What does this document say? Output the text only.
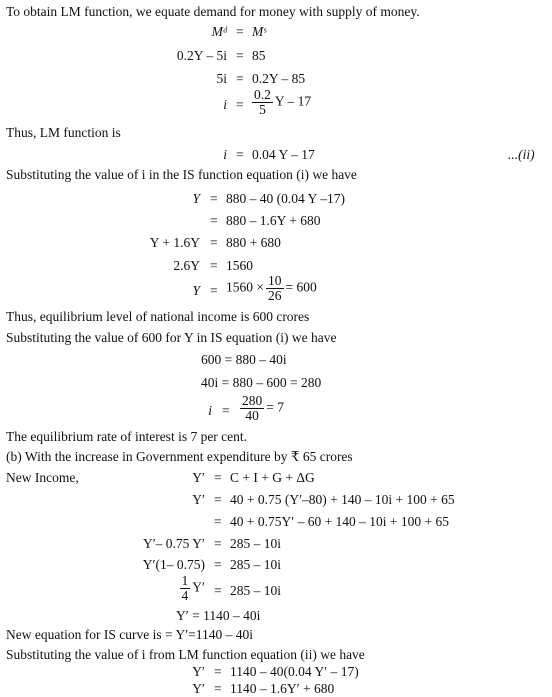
To obtain LM function, we equate demand for money with supply of money.
Mᵈ = Mˢ
0.2Y – 5i = 85
5i = 0.2Y – 85
$i = \frac{0.2}{5}$ Y – 17
Thus, LM function is
i = 0.04 Y – 17	...(ii)
Substituting the value of i in the IS function equation (i) we have
Y = 880 – 40 (0.04 Y –17)
= 880 – 1.6Y + 680
Y + 1.6Y = 880 + 680
2.6Y = 1560
$Y = 1560 \times \frac{10}{26} = 600$
Thus, equilibrium level of national income is 600 crores
Substituting the value of 600 for Y in IS equation (i) we have
600 = 880 – 40i
40i = 880 – 600 = 280
$i = \frac{280}{40} = 7$
The equilibrium rate of interest is 7 per cent.
(b) With the increase in Government expenditure by ₹ 65 crores
New Income,	Y′ = C + I + G + ΔG
Y′ = 40 + 0.75 (Y′–80) + 140 – 10i + 100 + 65
= 40 + 0.75Y′ – 60 + 140 – 10i + 100 + 65
Y′– 0.75 Y′ = 285 – 10i
Y′(1– 0.75) = 285 – 10i
$\frac{1}{4} Y' = 285 - 10i$
Y′ = 1140 – 40i
New equation for IS curve is = Y′=1140 – 40i
Substituting the value of i from LM function equation (ii) we have
Y′ = 1140 – 40(0.04 Y′ – 17)
Y′ = 1140 – 1.6Y′ + 680
